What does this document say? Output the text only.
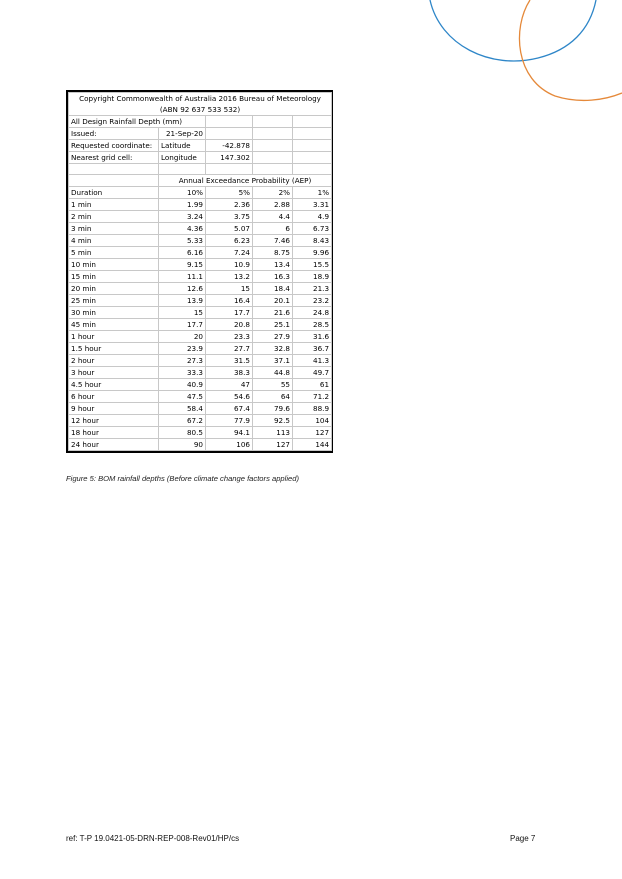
Copyright Commonwealth of Australia 2016 Bureau of Meteorology				
(ABN 92 637 533 532)				
All Design Rainfall Depth (mm)				
Issued:	21-Sep-20			
Requested coordinate:	Latitude	-42.878		
Nearest grid cell:	Longitude	147.302		

	Annual Exceedance Probability (AEP)			
Duration	10%	5%	2%	1%
1 min	1.99	2.36	2.88	3.31
2 min	3.24	3.75	4.4	4.9
3 min	4.36	5.07	6	6.73
4 min	5.33	6.23	7.46	8.43
5 min	6.16	7.24	8.75	9.96
10 min	9.15	10.9	13.4	15.5
15 min	11.1	13.2	16.3	18.9
20 min	12.6	15	18.4	21.3
25 min	13.9	16.4	20.1	23.2
30 min	15	17.7	21.6	24.8
45 min	17.7	20.8	25.1	28.5
1 hour	20	23.3	27.9	31.6
1.5 hour	23.9	27.7	32.8	36.7
2 hour	27.3	31.5	37.1	41.3
3 hour	33.3	38.3	44.8	49.7
4.5 hour	40.9	47	55	61
6 hour	47.5	54.6	64	71.2
9 hour	58.4	67.4	79.6	88.9
12 hour	67.2	77.9	92.5	104
18 hour	80.5	94.1	113	127
24 hour	90	106	127	144
Figure 5: BOM rainfall depths (Before climate change factors applied)
ref: T-P 19.0421-05-DRN-REP-008-Rev01/HP/cs	Page 7
